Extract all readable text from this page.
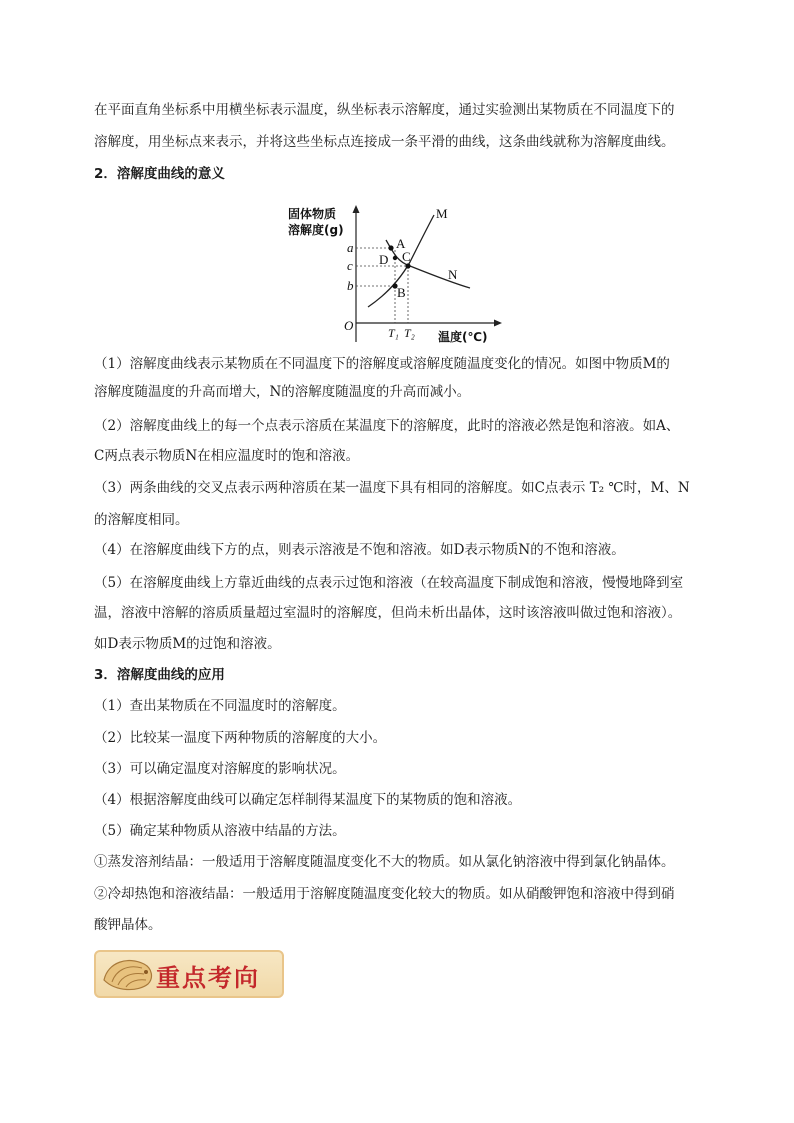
在平面直角坐标系中用横坐标表示温度，纵坐标表示溶解度，通过实验测出某物质在不同温度下的
溶解度，用坐标点来表示，并将这些坐标点连接成一条平滑的曲线，这条曲线就称为溶解度曲线。
2．溶解度曲线的意义
固体物质
溶解度(g)
温度(℃)
O
a
c
b
T₁ T₂
M
N
A
D C
B
（1）溶解度曲线表示某物质在不同温度下的溶解度或溶解度随温度变化的情况。如图中物质M的
溶解度随温度的升高而增大，N的溶解度随温度的升高而减小。
（2）溶解度曲线上的每一个点表示溶质在某温度下的溶解度，此时的溶液必然是饱和溶液。如A、
C两点表示物质N在相应温度时的饱和溶液。
（3）两条曲线的交叉点表示两种溶质在某一温度下具有相同的溶解度。如C点表示 T₂ ℃时，M、N
的溶解度相同。
（4）在溶解度曲线下方的点，则表示溶液是不饱和溶液。如D表示物质N的不饱和溶液。
（5）在溶解度曲线上方靠近曲线的点表示过饱和溶液（在较高温度下制成饱和溶液，慢慢地降到室
温，溶液中溶解的溶质质量超过室温时的溶解度，但尚未析出晶体，这时该溶液叫做过饱和溶液）。
如D表示物质M的过饱和溶液。
3．溶解度曲线的应用
（1）查出某物质在不同温度时的溶解度。
（2）比较某一温度下两种物质的溶解度的大小。
（3）可以确定温度对溶解度的影响状况。
（4）根据溶解度曲线可以确定怎样制得某温度下的某物质的饱和溶液。
（5）确定某种物质从溶液中结晶的方法。
①蒸发溶剂结晶：一般适用于溶解度随温度变化不大的物质。如从氯化钠溶液中得到氯化钠晶体。
②冷却热饱和溶液结晶：一般适用于溶解度随温度变化较大的物质。如从硝酸钾饱和溶液中得到硝
酸钾晶体。
重点考向
